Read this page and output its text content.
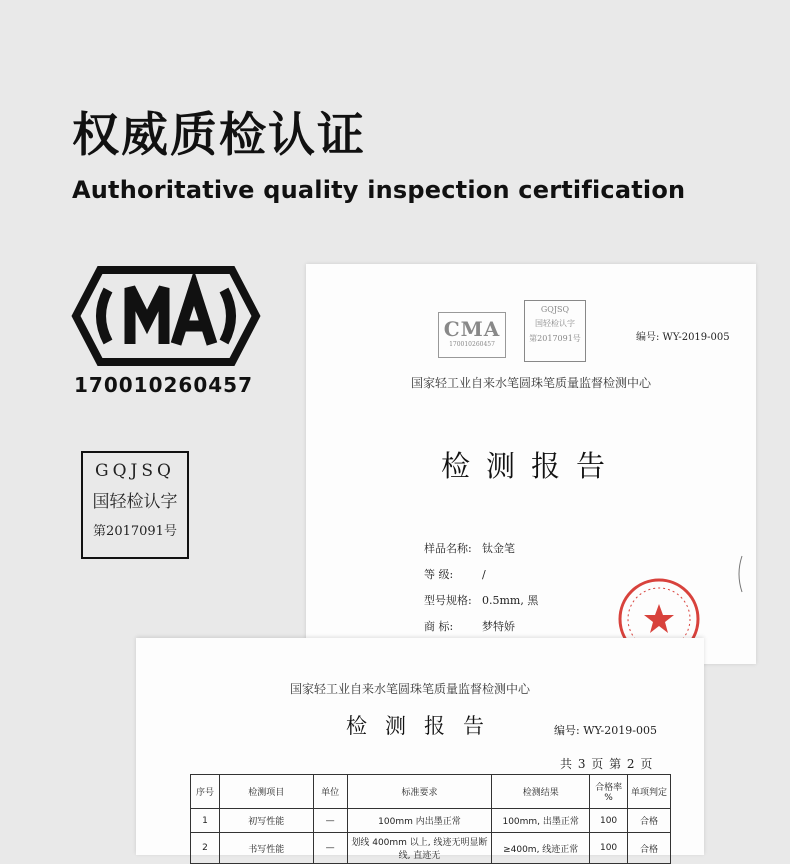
权威质检认证
Authoritative quality inspection certification
170010260457
GQJSQ
国轻检认字
第2017091号
CMA
170010260457
GQJSQ
国轻检认字
第2017091号	编号: WY-2019-005
国家轻工业自来水笔圆珠笔质量监督检测中心
检测报告
样品名称: 钛金笔
等 级:	/
型号规格: 0.5mm, 黑
商 标:	梦特娇
国家轻工业自来水笔圆珠笔质量监督检测中心
检测报告	编号: WY-2019-005
共 3 页 第 2 页
序号	检测项目	单位	标准要求	检测结果	合格率 %	单项判定
1	初写性能	—	100mm 内出墨正常	100mm, 出墨正常	100	合格
2	书写性能	—	划线 400mm 以上, 线迹无明显断线, 直迹无	≥400m, 线迹正常	100	合格
